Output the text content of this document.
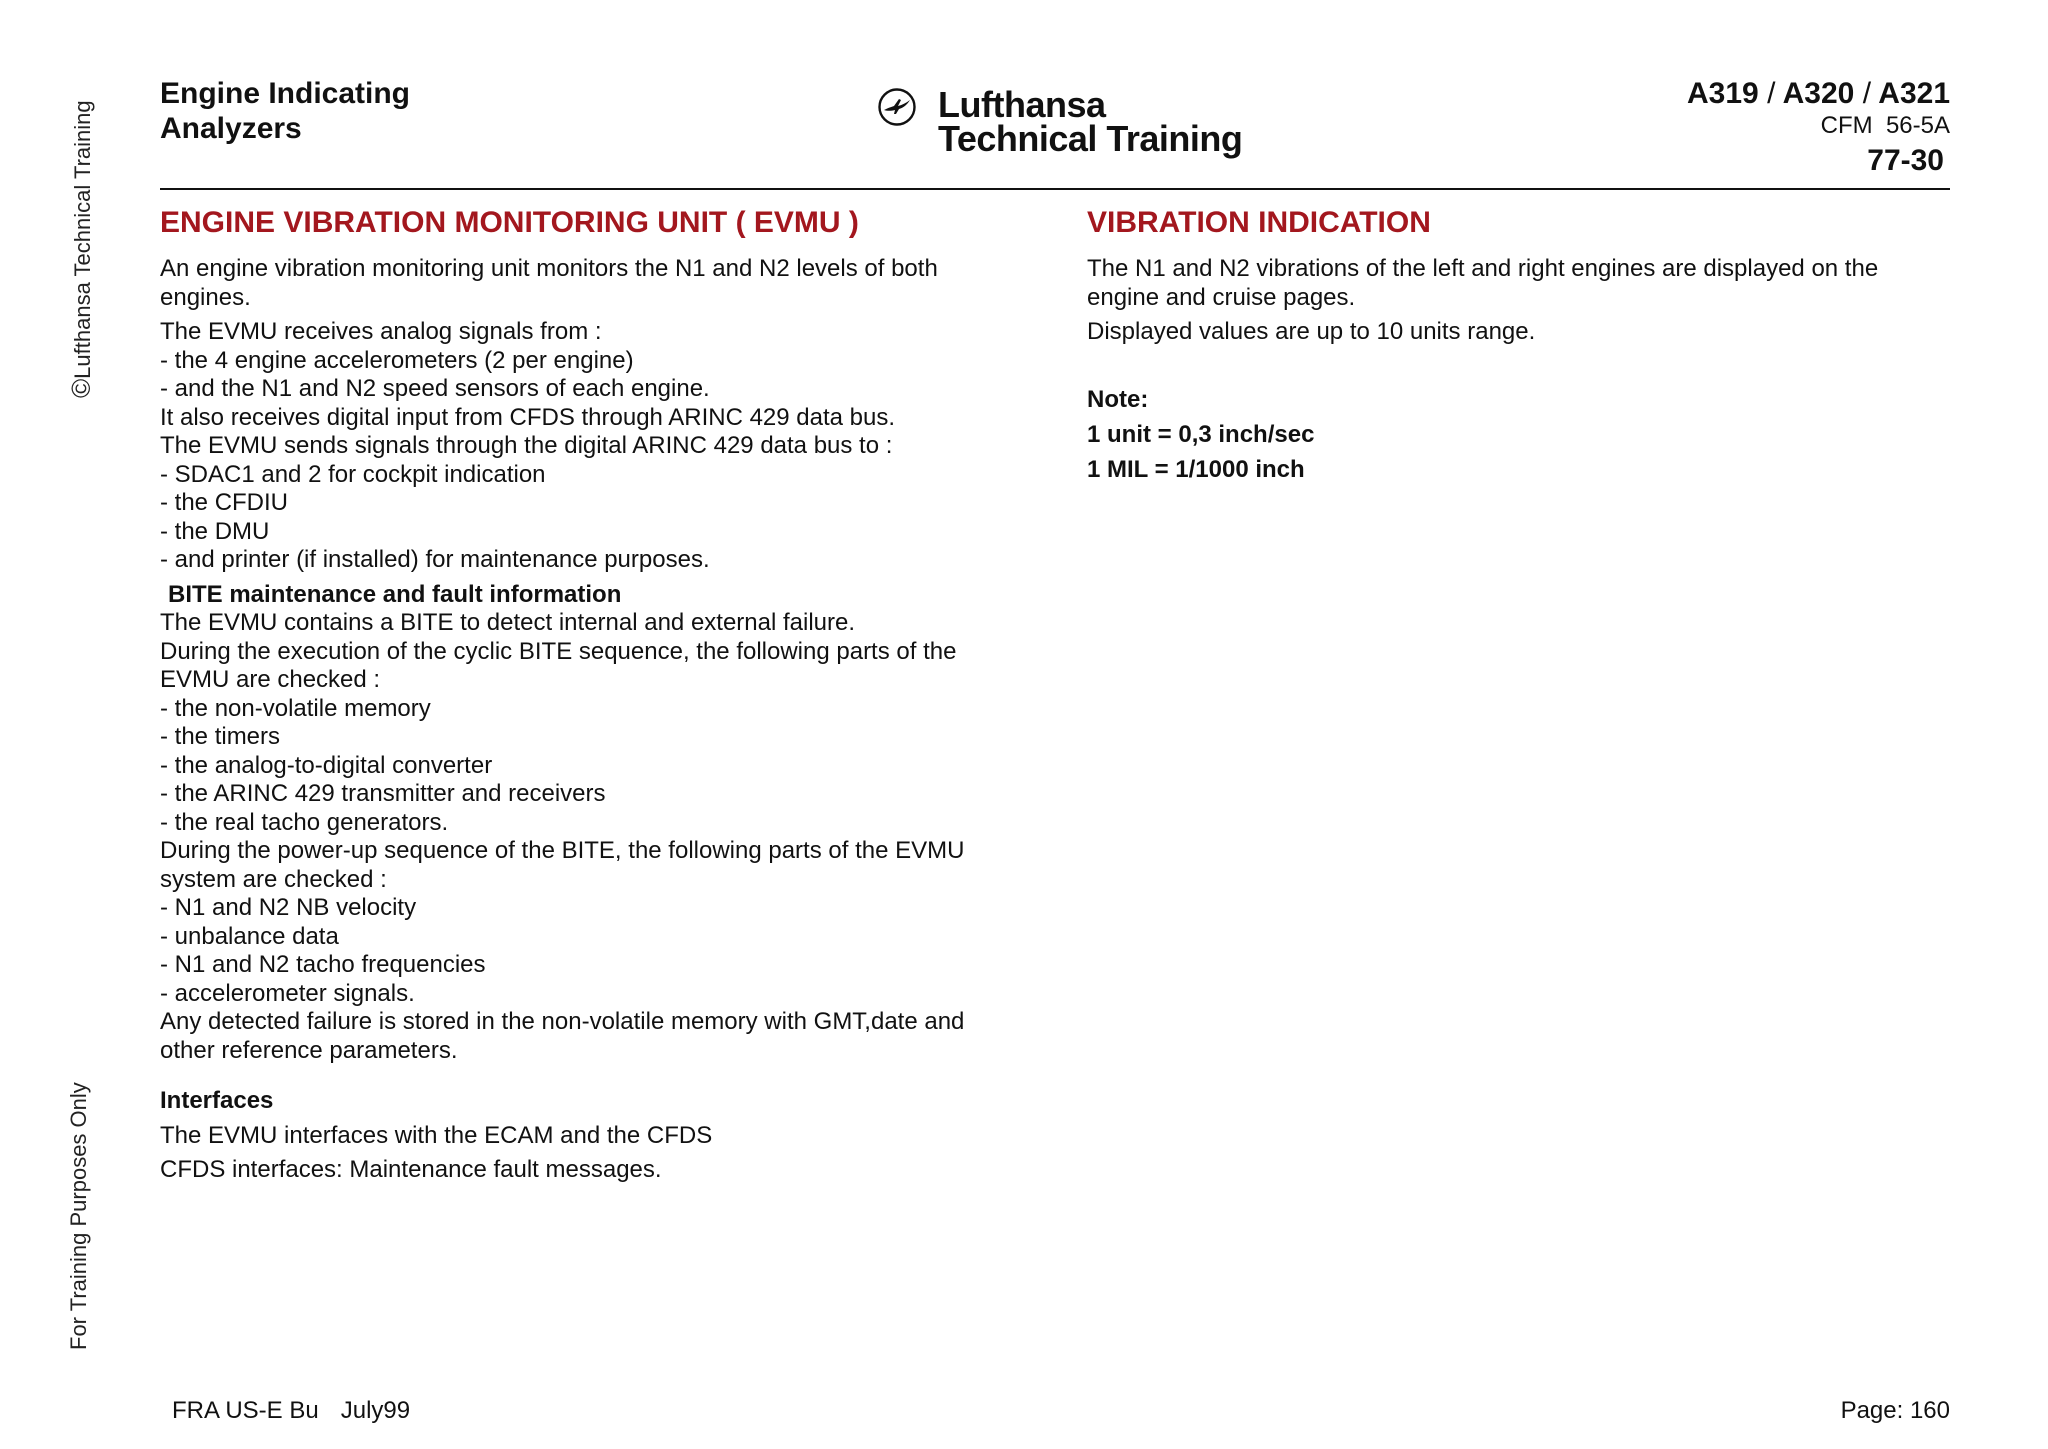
©Lufthansa Technical Training
For Training Purposes Only
Engine Indicating
Analyzers
Lufthansa
Technical Training
A319 / A320 / A321
CFM  56-5A
77-30
ENGINE VIBRATION MONITORING UNIT ( EVMU )

An engine vibration monitoring unit monitors the N1 and N2 levels of both engines.

The EVMU receives analog signals from :
- the 4 engine accelerometers (2 per engine)
- and the N1 and N2 speed sensors of each engine.
It also receives digital input from CFDS through ARINC 429 data bus.
The EVMU sends signals through the digital ARINC 429 data bus to :
- SDAC1 and 2 for cockpit indication
- the CFDIU
- the DMU
- and printer (if installed) for maintenance purposes.
BITE maintenance and fault information
The EVMU contains a BITE to detect internal and external failure.
During the execution of the cyclic BITE sequence, the following parts of the EVMU are checked :
- the non-volatile memory
- the timers
- the analog-to-digital converter
- the ARINC 429 transmitter and receivers
- the real tacho generators.
During the power-up sequence of the BITE, the following parts of the EVMU system are checked :
- N1 and N2 NB velocity
- unbalance data
- N1 and N2 tacho frequencies
- accelerometer signals.
Any detected failure is stored in the non-volatile memory with GMT,date and other reference parameters.
Interfaces

The EVMU interfaces with the ECAM and the CFDS

CFDS interfaces: Maintenance fault messages.

VIBRATION INDICATION

The N1 and N2 vibrations of the left and right engines are displayed on the engine and cruise pages.

Displayed values are up to 10 units range.

Note:

1 unit = 0,3 inch/sec

1 MIL = 1/1000 inch

FRA US-E Bu July99	Page: 160
